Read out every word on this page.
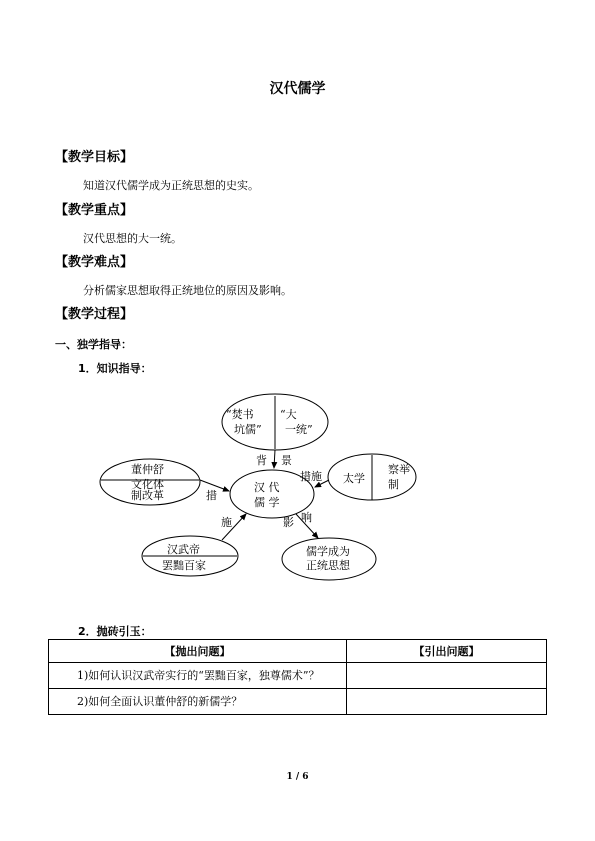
汉代儒学
【教学目标】
知道汉代儒学成为正统思想的史实。
【教学重点】
汉代思想的大一统。
【教学难点】
分析儒家思想取得正统地位的原因及影响。
【教学过程】
一、独学指导：
1．知识指导：
“焚书 “大
坑儒” 一统”
汉 代
儒 学
董仲舒
文化体
制改革
太学
察举
制
汉武帝
罢黜百家
儒学成为
正统思想
背 景
措施
措
施	影 响
2．抛砖引玉：
【抛出问题】	【引出问题】
1)如何认识汉武帝实行的“罢黜百家，独尊儒术”？	
2)如何全面认识董仲舒的新儒学？	
1 / 6
